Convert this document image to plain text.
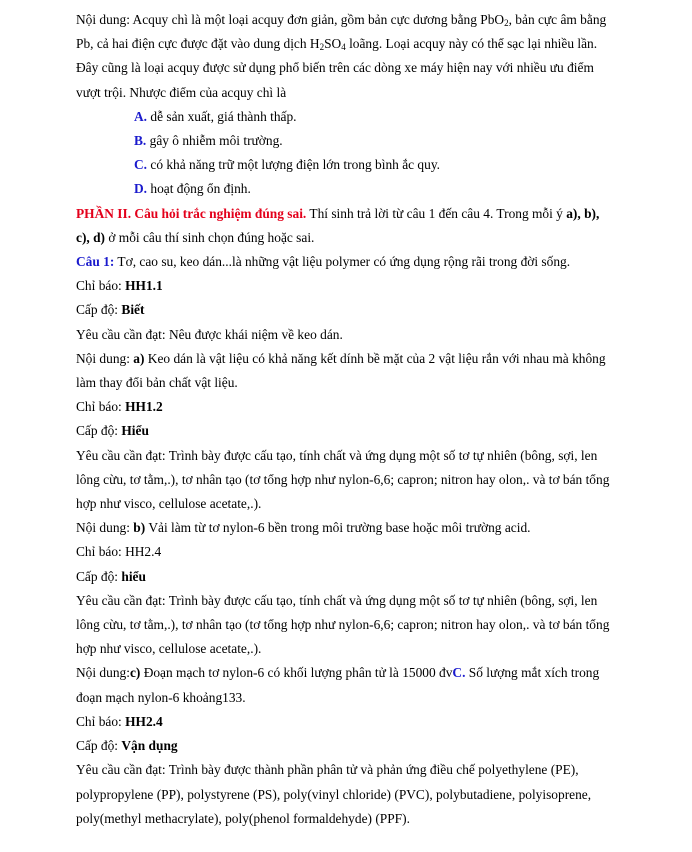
Nội dung: Acquy chì là một loại acquy đơn giản, gồm bản cực dương bằng PbO$_2$, bản cực âm bằng

Pb, cả hai điện cực được đặt vào dung dịch $H_2SO_4$ loãng. Loại acquy này có thể sạc lại nhiều lần.

Đây cũng là loại acquy được sử dụng phổ biến trên các dòng xe máy hiện nay với nhiều ưu điểm

vượt trội. Nhược điểm của acquy chì là

A. dễ sản xuất, giá thành thấp.

B. gây ô nhiễm môi trường.

C. có khả năng trữ một lượng điện lớn trong bình ắc quy.

D. hoạt động ổn định.

PHẦN II. Câu hỏi trắc nghiệm đúng sai. Thí sinh trả lời từ câu 1 đến câu 4. Trong mỗi ý a), b),

c), d) ở mỗi câu thí sinh chọn đúng hoặc sai.

Câu 1: Tơ, cao su, keo dán...là những vật liệu polymer có ứng dụng rộng rãi trong đời sống.

Chỉ báo: HH1.1

Cấp độ: Biết

Yêu cầu cần đạt: Nêu được khái niệm về keo dán.

Nội dung: a) Keo dán là vật liệu có khả năng kết dính bề mặt của 2 vật liệu rắn với nhau mà không

làm thay đổi bản chất vật liệu.

Chỉ báo: HH1.2

Cấp độ: Hiểu

Yêu cầu cần đạt: Trình bày được cấu tạo, tính chất và ứng dụng một số tơ tự nhiên (bông, sợi, len

lông cừu, tơ tằm,.), tơ nhân tạo (tơ tổng hợp như nylon-6,6; capron; nitron hay olon,. và tơ bán tổng

hợp như visco, cellulose acetate,.).

Nội dung: b) Vải làm từ tơ nylon-6 bền trong môi trường base hoặc môi trường acid.

Chỉ báo: HH2.4

Cấp độ: hiểu

Yêu cầu cần đạt: Trình bày được cấu tạo, tính chất và ứng dụng một số tơ tự nhiên (bông, sợi, len

lông cừu, tơ tằm,.), tơ nhân tạo (tơ tổng hợp như nylon-6,6; capron; nitron hay olon,. và tơ bán tổng

hợp như visco, cellulose acetate,.).

Nội dung:c) Đoạn mạch tơ nylon-6 có khối lượng phân tử là 15000 đvC. Số lượng mắt xích trong

đoạn mạch nylon-6 khoảng133.

Chỉ báo: HH2.4

Cấp độ: Vận dụng

Yêu cầu cần đạt: Trình bày được thành phần phân tử và phản ứng điều chế polyethylene (PE),

polypropylene (PP), polystyrene (PS), poly(vinyl chloride) (PVC), polybutadiene, polyisoprene,

poly(methyl methacrylate), poly(phenol formaldehyde) (PPF).
